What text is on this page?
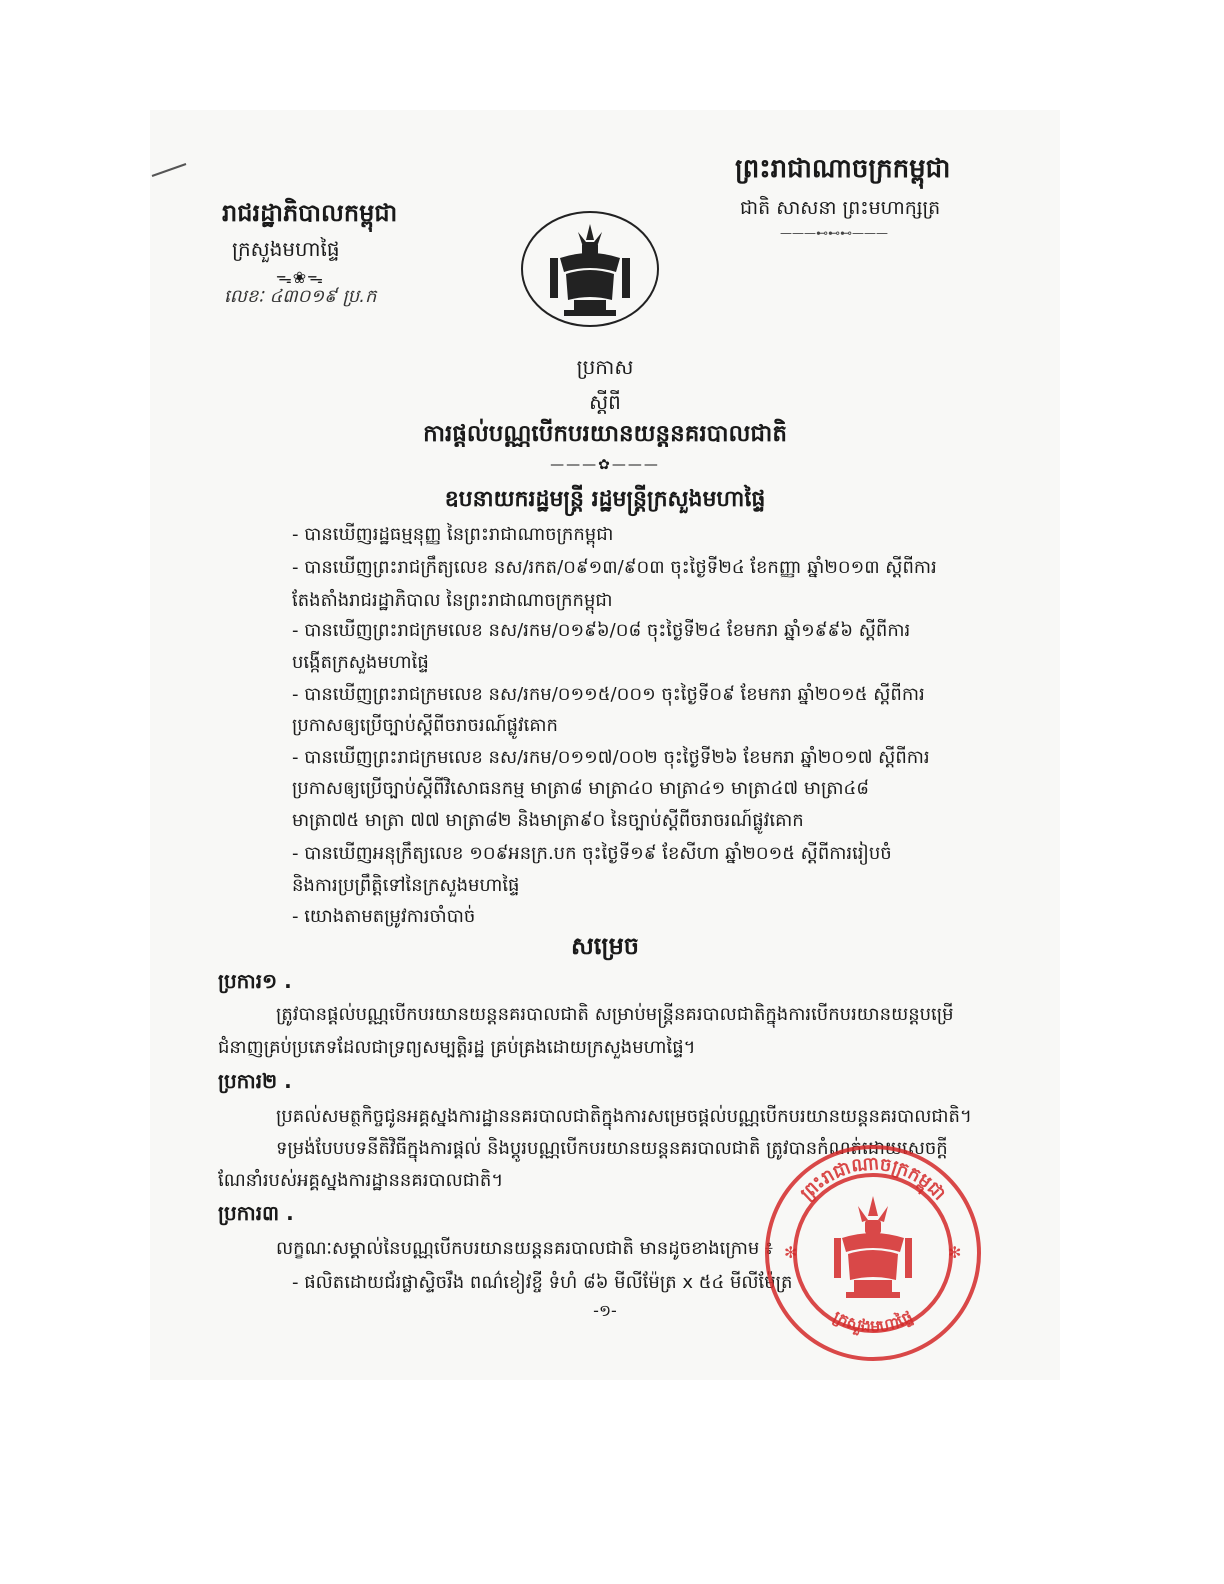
ព្រះរាជាណាចក្រកម្ពុជា
ជាតិ សាសនា ព្រះមហាក្សត្រ
———⊷⊷⊷———
រាជរដ្ឋាភិបាលកម្ពុជា
ក្រសួងមហាផ្ទៃ
ᯓ❀ᯓ
លេខៈ ៤៣០១៩ ប្រ.ក
ប្រកាស
ស្តីពី
ការផ្តល់បណ្ណបើកបរយានយន្តនគរបាលជាតិ
———✿———
ឧបនាយករដ្ឋមន្ត្រី រដ្ឋមន្ត្រីក្រសួងមហាផ្ទៃ
- បានឃើញរដ្ឋធម្មនុញ្ញ នៃព្រះរាជាណាចក្រកម្ពុជា
- បានឃើញព្រះរាជក្រឹត្យលេខ នស/រកត/០៩១៣/៩០៣ ចុះថ្ងៃទី២៤ ខែកញ្ញា ឆ្នាំ២០១៣ ស្តីពីការ
តែងតាំងរាជរដ្ឋាភិបាល នៃព្រះរាជាណាចក្រកម្ពុជា
- បានឃើញព្រះរាជក្រមលេខ នស/រកម/០១៩៦/០៨ ចុះថ្ងៃទី២៤ ខែមករា ឆ្នាំ១៩៩៦ ស្តីពីការ
បង្កើតក្រសួងមហាផ្ទៃ
- បានឃើញព្រះរាជក្រមលេខ នស/រកម/០១១៥/០០១ ចុះថ្ងៃទី០៩ ខែមករា ឆ្នាំ២០១៥ ស្តីពីការ
ប្រកាសឲ្យប្រើច្បាប់ស្តីពីចរាចរណ៍ផ្លូវគោក
- បានឃើញព្រះរាជក្រមលេខ នស/រកម/០១១៧/០០២ ចុះថ្ងៃទី២៦ ខែមករា ឆ្នាំ២០១៧ ស្តីពីការ
ប្រកាសឲ្យប្រើច្បាប់ស្តីពីវិសោធនកម្ម មាត្រា៨ មាត្រា៤០ មាត្រា៤១ មាត្រា៤៧ មាត្រា៤៨
មាត្រា៧៥ មាត្រា ៧៧ មាត្រា៨២ និងមាត្រា៩០ នៃច្បាប់ស្តីពីចរាចរណ៍ផ្លូវគោក
- បានឃើញអនុក្រឹត្យលេខ ១០៩អនក្រ.បក ចុះថ្ងៃទី១៩ ខែសីហា ឆ្នាំ២០១៥ ស្តីពីការរៀបចំ
និងការប្រព្រឹត្តិទៅនៃក្រសួងមហាផ្ទៃ
- យោងតាមតម្រូវការចាំបាច់
សម្រេច
ប្រការ១ .
ត្រូវបានផ្តល់បណ្ណបើកបរយានយន្តនគរបាលជាតិ សម្រាប់មន្ត្រីនគរបាលជាតិក្នុងការបើកបរយានយន្តបម្រើ
ជំនាញគ្រប់ប្រភេទដែលជាទ្រព្យសម្បត្តិរដ្ឋ គ្រប់គ្រងដោយក្រសួងមហាផ្ទៃ។
ប្រការ២ .
ប្រគល់សមត្ថកិច្ចជូនអគ្គស្នងការដ្ឋាននគរបាលជាតិក្នុងការសម្រេចផ្តល់បណ្ណបើកបរយានយន្តនគរបាលជាតិ។
ទម្រង់បែបបទនីតិវិធីក្នុងការផ្តល់ និងប្តូរបណ្ណបើកបរយានយន្តនគរបាលជាតិ ត្រូវបានកំណត់ដោយសេចក្តី
ណែនាំរបស់អគ្គស្នងការដ្ឋាននគរបាលជាតិ។
ប្រការ៣ .
លក្ខណៈសម្គាល់នៃបណ្ណបើកបរយានយន្តនគរបាលជាតិ មានដូចខាងក្រោម ៖
- ផលិតដោយជ័រផ្លាស្ទិចរឹង ពណ៌ខៀវខ្ចី ទំហំ ៨៦ មីលីម៉ែត្រ x ៥៤ មីលីម៉ែត្រ
-១-
✻	✻
ព្រះរាជាណាចក្រកម្ពុជា
ក្រសួងមហាផ្ទៃ
